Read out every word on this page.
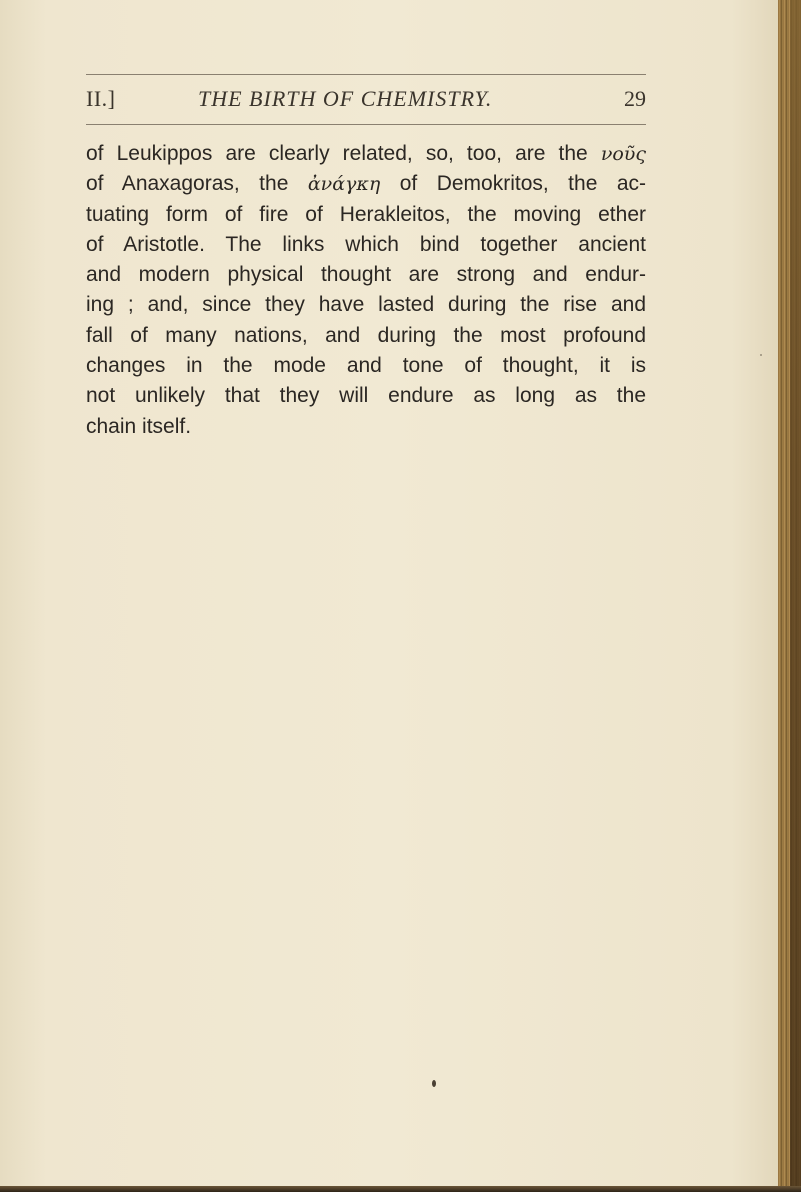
II.]	THE BIRTH OF CHEMISTRY.	29
of Leukippos are clearly related, so, too, are the νοῦς
of Anaxagoras, the ἀνάγκη of Demokritos, the ac-
tuating form of fire of Herakleitos, the moving ether
of Aristotle. The links which bind together ancient
and modern physical thought are strong and endur-
ing ; and, since they have lasted during the rise and
fall of many nations, and during the most profound
changes in the mode and tone of thought, it is
not unlikely that they will endure as long as the
chain itself.
